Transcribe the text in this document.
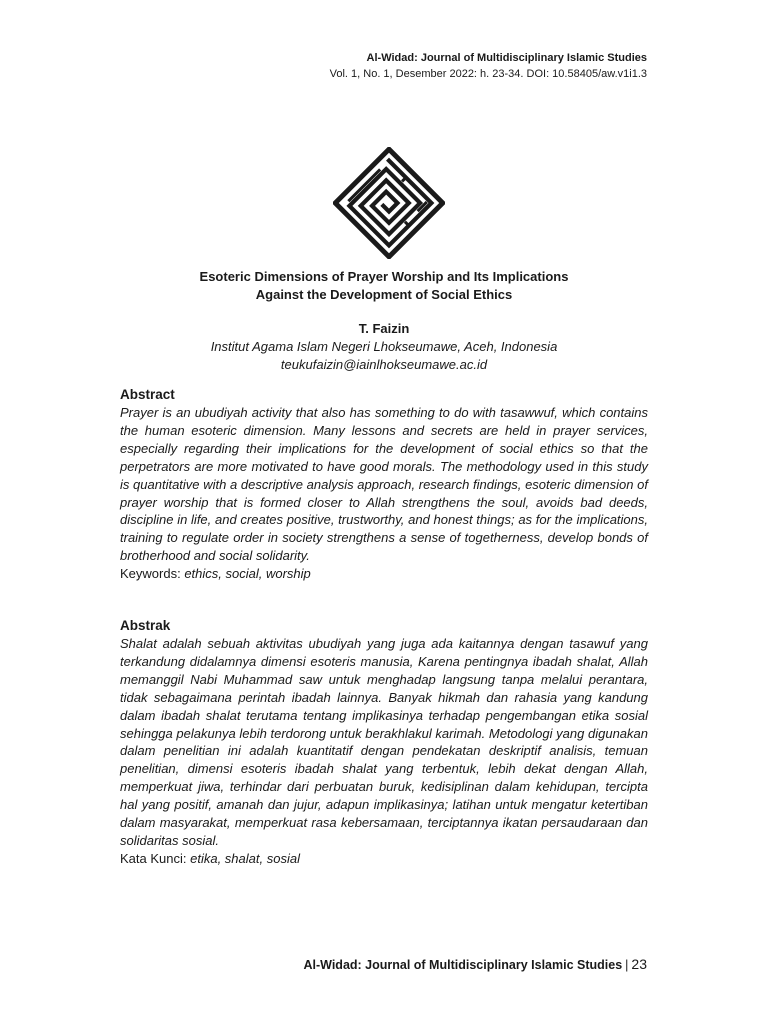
Al-Widad: Journal of Multidisciplinary Islamic Studies
Vol. 1, No. 1, Desember 2022: h. 23-34. DOI: 10.58405/aw.v1i1.3
Esoteric Dimensions of Prayer Worship and Its Implications
Against the Development of Social Ethics
T. Faizin
Institut Agama Islam Negeri Lhokseumawe, Aceh, Indonesia
teukufaizin@iainlhokseumawe.ac.id
Abstract
Prayer is an ubudiyah activity that also has something to do with tasawwuf, which contains the human esoteric dimension. Many lessons and secrets are held in prayer services, especially regarding their implications for the development of social ethics so that the perpetrators are more motivated to have good morals. The methodology used in this study is quantitative with a descriptive analysis approach, research findings, esoteric dimension of prayer worship that is formed closer to Allah strengthens the soul, avoids bad deeds, discipline in life, and creates positive, trustworthy, and honest things; as for the implications, training to regulate order in society strengthens a sense of togetherness, develop bonds of brotherhood and social solidarity.
Keywords: ethics, social, worship
Abstrak
Shalat adalah sebuah aktivitas ubudiyah yang juga ada kaitannya dengan tasawuf yang terkandung didalamnya dimensi esoteris manusia, Karena pentingnya ibadah shalat, Allah memanggil Nabi Muhammad saw untuk menghadap langsung tanpa melalui perantara, tidak sebagaimana perintah ibadah lainnya. Banyak hikmah dan rahasia yang kandung dalam ibadah shalat terutama tentang implikasinya terhadap pengembangan etika sosial sehingga pelakunya lebih terdorong untuk berakhlakul karimah. Metodologi yang digunakan dalam penelitian ini adalah kuantitatif dengan pendekatan deskriptif analisis, temuan penelitian, dimensi esoteris ibadah shalat yang terbentuk, lebih dekat dengan Allah, memperkuat jiwa, terhindar dari perbuatan buruk, kedisiplinan dalam kehidupan, tercipta hal yang positif, amanah dan jujur, adapun implikasinya; latihan untuk mengatur ketertiban dalam masyarakat, memperkuat rasa kebersamaan, terciptannya ikatan persaudaraan dan solidaritas sosial.
Kata Kunci: etika, shalat, sosial
Al-Widad: Journal of Multidisciplinary Islamic Studies | 23
